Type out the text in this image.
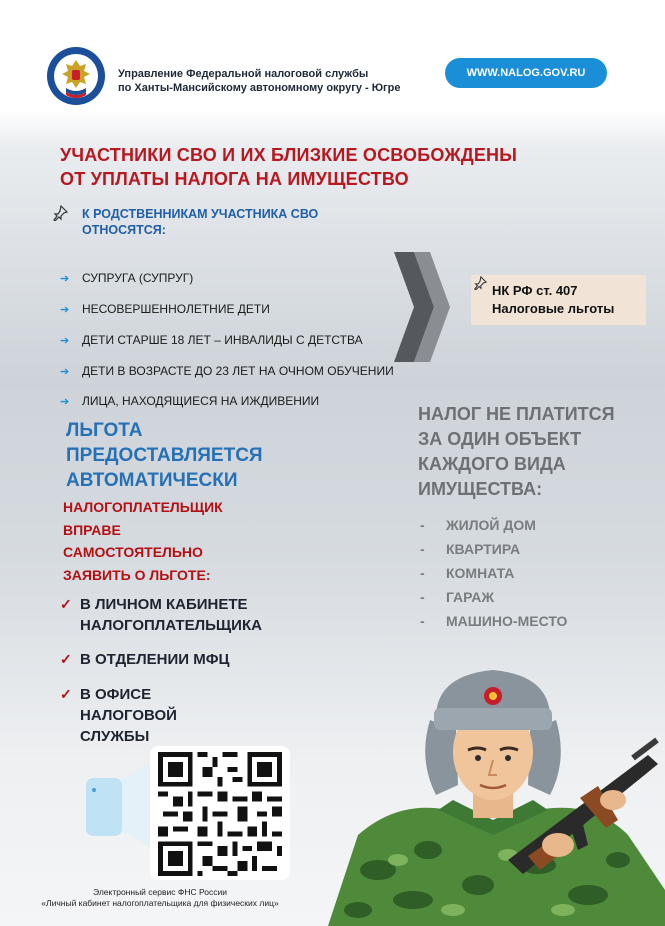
Управление Федеральной налоговой службы
по Ханты-Мансийскому автономному округу - Югре
WWW.NALOG.GOV.RU
УЧАСТНИКИ СВО И ИХ БЛИЗКИЕ ОСВОБОЖДЕНЫ
ОТ УПЛАТЫ НАЛОГА НА ИМУЩЕСТВО
К РОДСТВЕННИКАМ УЧАСТНИКА СВО
ОТНОСЯТСЯ:
➔ СУПРУГА (СУПРУГ)
➔ НЕСОВЕРШЕННОЛЕТНИЕ ДЕТИ
➔ ДЕТИ СТАРШЕ 18 ЛЕТ – ИНВАЛИДЫ С ДЕТСТВА
➔ ДЕТИ В ВОЗРАСТЕ ДО 23 ЛЕТ НА ОЧНОМ ОБУЧЕНИИ
➔ ЛИЦА, НАХОДЯЩИЕСЯ НА ИЖДИВЕНИИ
НК РФ ст. 407
Налоговые льготы
ЛЬГОТА
ПРЕДОСТАВЛЯЕТСЯ
АВТОМАТИЧЕСКИ
НАЛОГОПЛАТЕЛЬЩИК
ВПРАВЕ
САМОСТОЯТЕЛЬНО
ЗАЯВИТЬ О ЛЬГОТЕ:
✓ В ЛИЧНОМ КАБИНЕТЕ
НАЛОГОПЛАТЕЛЬЩИКА
✓ В ОТДЕЛЕНИИ МФЦ
✓ В ОФИСЕ
НАЛОГОВОЙ
СЛУЖБЫ
НАЛОГ НЕ ПЛАТИТСЯ
ЗА ОДИН ОБЪЕКТ
КАЖДОГО ВИДА
ИМУЩЕСТВА:
- ЖИЛОЙ ДОМ
- КВАРТИРА
- КОМНАТА
- ГАРАЖ
- МАШИНО-МЕСТО
Электронный сервис ФНС России
«Личный кабинет налогоплательщика для физических лиц»
